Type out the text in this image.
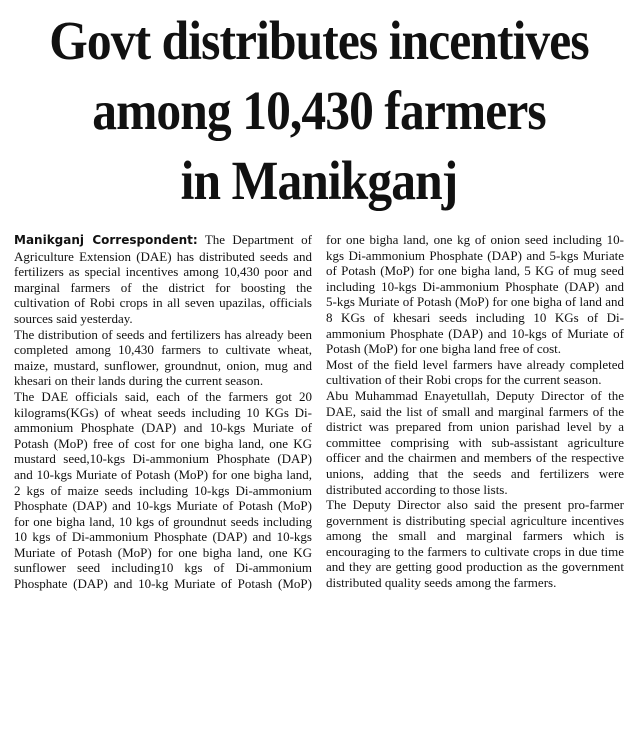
Govt distributes incentives
among 10,430 farmers
in Manikganj

Manikganj Correspondent: The Department of Agriculture Extension (DAE) has distributed seeds and fertilizers as special incentives among 10,430 poor and marginal farmers of the district for boosting the cultivation of Robi crops in all seven upazilas, officials sources said yesterday.

The distribution of seeds and fertilizers has already been completed among 10,430 farmers to cultivate wheat, maize, mustard, sunflower, groundnut, onion, mug and khesari on their lands during the current season.

The DAE officials said, each of the farmers got 20 kilograms(KGs) of wheat seeds including 10 KGs Di-ammonium Phosphate (DAP) and 10-kgs Muriate of Potash (MoP) free of cost for one bigha land, one KG mustard seed,10-kgs Di-ammonium Phosphate (DAP) and 10-kgs Muriate of Potash (MoP) for one bigha land, 2 kgs of maize seeds including 10-kgs Di-ammonium Phosphate (DAP) and 10-kgs Muriate of Potash (MoP) for one bigha land, 10 kgs of groundnut seeds including 10 kgs of Di-ammonium Phosphate (DAP) and 10-kgs Muriate of Potash (MoP) for one bigha land, one KG sunflower seed including10 kgs of Di-ammonium Phosphate (DAP) and 10-kg Muriate of Potash (MoP) for one bigha land, one kg of onion seed including 10-kgs Di-ammonium Phosphate (DAP) and 5-kgs Muriate of Potash (MoP) for one bigha land, 5 KG of mug seed including 10-kgs Di-ammonium Phosphate (DAP) and 5-kgs Muriate of Potash (MoP) for one bigha of land and 8 KGs of khesari seeds including 10 KGs of Di-ammonium Phosphate (DAP) and 10-kgs of Muriate of Potash (MoP) for one bigha land free of cost.

Most of the field level farmers have already completed cultivation of their Robi crops for the current season.

Abu Muhammad Enayetullah, Deputy Director of the DAE, said the list of small and marginal farmers of the district was prepared from union parishad level by a committee comprising with sub-assistant agriculture officer and the chairmen and members of the respective unions, adding that the seeds and fertilizers were distributed according to those lists.

The Deputy Director also said the present pro-farmer government is distributing special agriculture incentives among the small and marginal farmers which is encouraging to the farmers to cultivate crops in due time and they are getting good production as the government distributed quality seeds among the farmers.
